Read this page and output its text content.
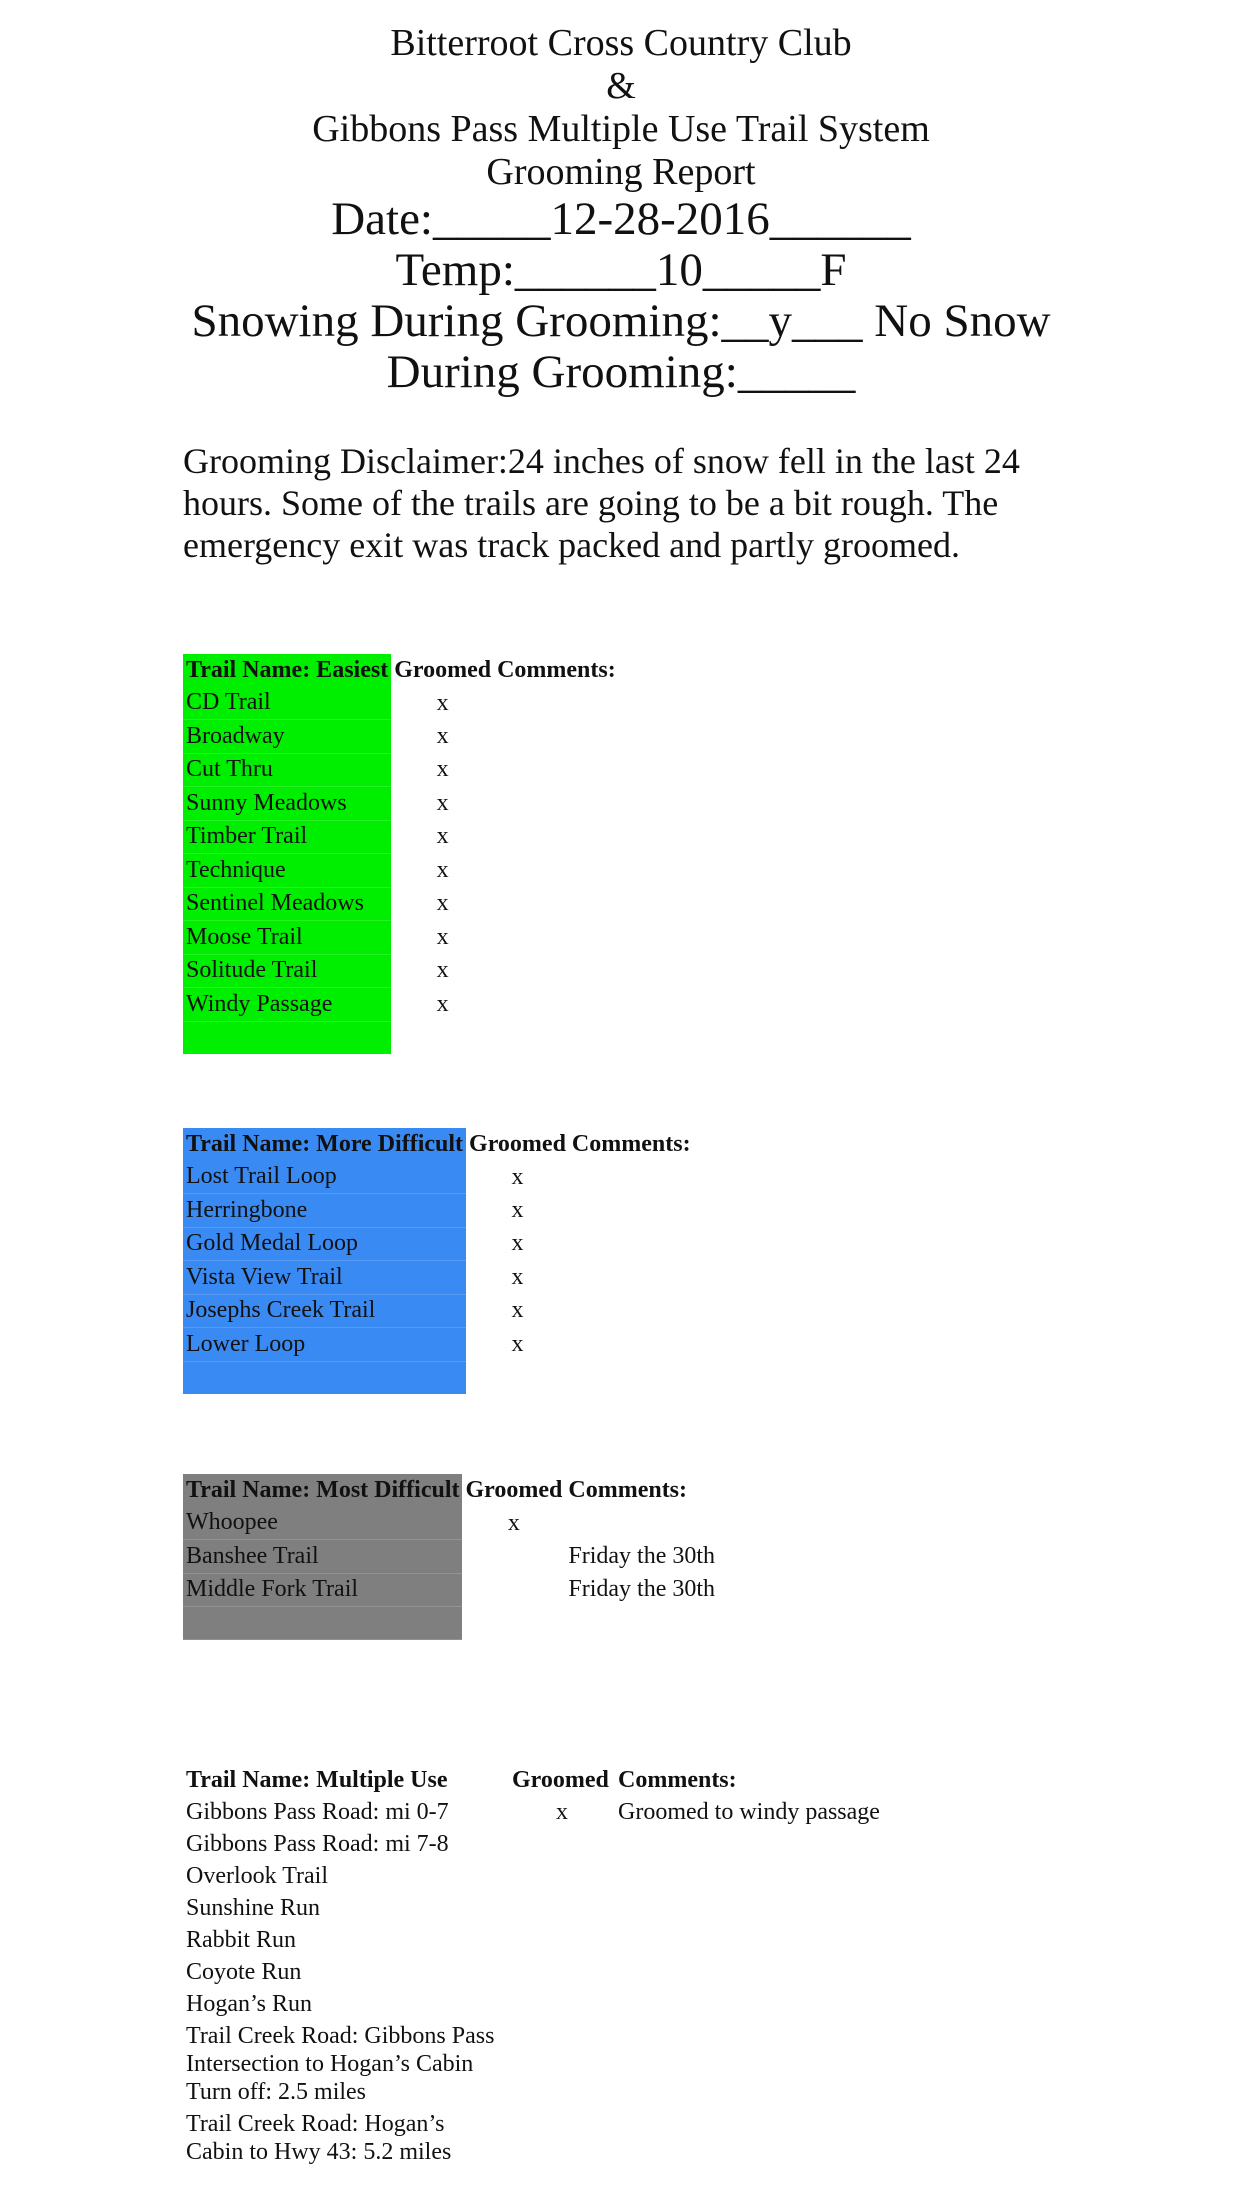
Bitterroot Cross Country Club
&
Gibbons Pass Multiple Use Trail System
Grooming Report
Date:_____12-28-2016______
Temp:______10_____F
Snowing During Grooming:__y___ No Snow
During Grooming:_____
Grooming Disclaimer:24 inches of snow fell in the last 24 hours. Some of the trails are going to be a bit rough. The emergency exit was track packed and partly groomed.
Trail Name: Easiest	Groomed	Comments:
CD Trail	x	
Broadway	x	
Cut Thru	x	
Sunny Meadows	x	
Timber Trail	x	
Technique	x	
Sentinel Meadows	x	
Moose Trail	x	
Solitude Trail	x	
Windy Passage	x	

Trail Name: More Difficult	Groomed	Comments:
Lost Trail Loop	x	
Herringbone	x	
Gold Medal Loop	x	
Vista View Trail	x	
Josephs Creek Trail	x	
Lower Loop	x	

Trail Name: Most Difficult	Groomed	Comments:
Whoopee	x	
Banshee Trail		Friday the 30th
Middle Fork Trail		Friday the 30th

Trail Name: Multiple Use	Groomed	Comments:
Gibbons Pass Road: mi 0-7	x	Groomed to windy passage
Gibbons Pass Road: mi 7-8		
Overlook Trail		
Sunshine Run		
Rabbit Run		
Coyote Run		
Hogan’s Run		
Trail Creek Road: Gibbons Pass Intersection to Hogan’s Cabin Turn off: 2.5 miles		
Trail Creek Road: Hogan’s Cabin to Hwy 43: 5.2 miles		
